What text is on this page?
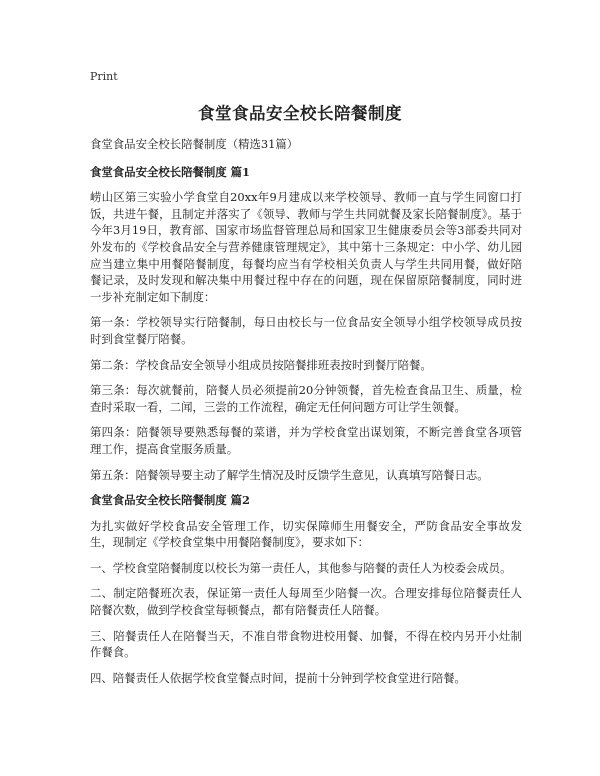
Print
食堂食品安全校长陪餐制度

食堂食品安全校长陪餐制度（精选31篇）

食堂食品安全校长陪餐制度 篇1

崂山区第三实验小学食堂自20xx年9月建成以来学校领导、教师一直与学生同窗口打饭，共进午餐，且制定并落实了《领导、教师与学生共同就餐及家长陪餐制度》。基于今年3月19日，教育部、国家市场监督管理总局和国家卫生健康委员会等3部委共同对外发布的《学校食品安全与营养健康管理规定》，其中第十三条规定：中小学、幼儿园应当建立集中用餐陪餐制度，每餐均应当有学校相关负责人与学生共同用餐，做好陪餐记录，及时发现和解决集中用餐过程中存在的问题，现在保留原陪餐制度，同时进一步补充制定如下制度：

第一条：学校领导实行陪餐制，每日由校长与一位食品安全领导小组学校领导成员按时到食堂餐厅陪餐。

第二条：学校食品安全领导小组成员按陪餐排班表按时到餐厅陪餐。

第三条：每次就餐前，陪餐人员必须提前20分钟领餐，首先检查食品卫生、质量，检查时采取一看，二闻，三尝的工作流程，确定无任何问题方可让学生领餐。

第四条：陪餐领导要熟悉每餐的菜谱，并为学校食堂出谋划策，不断完善食堂各项管理工作，提高食堂服务质量。

第五条：陪餐领导要主动了解学生情况及时反馈学生意见，认真填写陪餐日志。

食堂食品安全校长陪餐制度 篇2

为扎实做好学校食品安全管理工作，切实保障师生用餐安全，严防食品安全事故发生，现制定《学校食堂集中用餐陪餐制度》，要求如下：

一、学校食堂陪餐制度以校长为第一责任人，其他参与陪餐的责任人为校委会成员。

二、制定陪餐班次表，保证第一责任人每周至少陪餐一次。合理安排每位陪餐责任人陪餐次数，做到学校食堂每顿餐点，都有陪餐责任人陪餐。

三、陪餐责任人在陪餐当天，不准自带食物进校用餐、加餐，不得在校内另开小灶制作餐食。

四、陪餐责任人依据学校食堂餐点时间，提前十分钟到学校食堂进行陪餐。
